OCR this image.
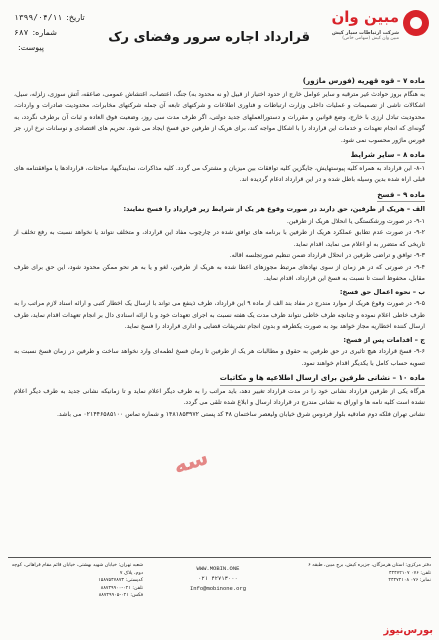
تاریخ:
۱۳۹۹/۰۴/۱۱
شماره:
۶۸۷
پیوست:
قرارداد اجاره سرور وفضای رک
مبین وان
شرکت ارتباطات سیار کیش
مبین وان کیش (سهامی خاص)
ماده ۷ – قوه قهریه (فورس ماژور)

به هنگام بروز حوادث غیر مترقبه و سایر عوامل خارج از حدود اختیار از قبیل (و نه محدود به) جنگ، اعتصاب، اغتشاش عمومی، صاعقه، آتش سوزی، زلزله، سیل، اشکالات ناشی از تصمیمات و عملیات داخلی وزارت ارتباطات و فناوری اطلاعات و شرکتهای تابعه آن جمله شرکتهای مخابرات، محدودیت صادرات و واردات، محدودیت تبادل ارزی با خارج، وضع قوانین و مقررات و دستورالعملهای جدید دولتی، اگر طرف مدت سی روز، وضعیت فوق العاده و ثبات آن برطرف نگردد، به گونه‌ای که انجام تعهدات و خدمات این قرارداد را با اشکال مواجه کند، برای هریک از طرفین حق فسخ ایجاد می شود. تحریم های اقتصادی و نوسانات نرخ ارز، جز فورس ماژور محسوب نمی شود.

ماده ۸ – سایر شرایط

۸-۱- این قرارداد به همراه کلیه پیوستهایش، جایگزین کلیه توافقات بین میزبان و مشترک می گردد. کلیه مذاکرات، نمایندگیها، مباحثات، قراردادها یا موافقتنامه های قبلی اراه شده بدین وسیله باطل شده و در این قرارداد ادغام گردیده اند.

ماده ۹ – فسخ

الف – هریک از طرفین، حق دارند در صورت وقوع هر یک از شرایط زیر قرارداد را فسخ نمایند:

۹-۱- در صورت ورشکستگی یا انحلال هریک از طرفین.

۹-۲- در صورت عدم تطابق عملکرد هریک از طرفین با برنامه های توافق شده در چارچوب مفاد این قرارداد، و متخلف نتواند یا نخواهد نسبت به رفع تخلف از تاریخی که متضرر به او اعلام می نماید، اقدام نماید.

۹-۳- توافق و تراضی طرفین در انحلال قرارداد ضمن تنظیم صورتجلسه اقاله.

۹-۴- در صورتی که در هر زمان از سوی نهادهای مرتبط مجوزهای اعطا شده به هریک از طرفین، لغو و یا به هر نحو ممکن محدود شود، این حق برای طرف مقابل، محفوظ است تا نسبت به فسخ این قرارداد، اقدام نماید.

ب – نحوه اعمال حق فسخ:

۹-۵- در صورت وقوع هریک از موارد مندرج در مفاد بند الف از ماده ۹ این قرارداد، طرف ذینفع می تواند با ارسال یک اخطار کتبی و ارائه اسناد لازم مراتب را به طرف خاطی اعلام نموده و چنانچه طرف خاطی نتواند ظرف مدت یک هفته نسبت به اجرای تعهدات خود و یا ارائه اسنادی دال بر انجام تعهدات اقدام نماید، طرف ارسال کننده اخطاریه مجاز خواهد بود به صورت یکطرفه و بدون انجام تشریفات قضایی و اداری قرارداد را فسخ نماید.

ج – اقدامات پس از فسخ:

۹-۶- فسخ قرارداد هیچ تاثیری در حق طرفین به حقوق و مطالبات هر یک از طرفین تا زمان فسخ لطمه‌ای وارد نخواهد ساخت و طرفین در زمان فسخ نسبت به تسویه حساب کامل با یکدیگر اقدام خواهند نمود.

ماده ۱۰ – نشانی طرفین برای ارسال اطلاعیه ها و مکاتبات

هرگاه یکی از طرفین قرارداد نشانی خود را در مدت قرارداد تغییر دهد، باید مراتب را به طرف دیگر اعلام نماید و تا زمانیکه نشانی جدید به طرف دیگر اعلام نشده است کلیه نامه ها و اوراق به نشانی مندرج در قرارداد ارسال و ابلاغ شده تلقی می گردد.

نشانی تهران فلکه دوم صادقیه بلوار فردوس شرق خیابان ولیعصر ساختمان ۴۸ کد پستی ۱۴۸۱۸۵۳۹۷۲ و شماره تماس ۰۲۱۴۴۶۵۸۵۱۰۰ می باشد.

سه
دفتر مرکزی: استان هرمزگان، جزیره کیش، برج مبین، طبقه ۶
تلفن: ۰۷۶ ۴۴۴۷۲۱۰۷
نمابر: ۰۷۶ ۴۴۴۷۲۱۰۸
WWW.MOBIN.ONE
۰۲۱ ۴۲۷۱۳۰۰۰
Info@mobinone.org
شعبه تهران: خیابان شهید بهشتی، خیابان قائم مقام فراهانی، کوچه دوم، پلاک ۷
کدپستی: ۱۵۸۷۵۴۷۸۷۳
تلفن: ۰۲۱-۸۸۷۴۹۹۰۰
فکس: ۰۲۱-۸۸۷۴۹۹۰۵
بورس‌نیوز
